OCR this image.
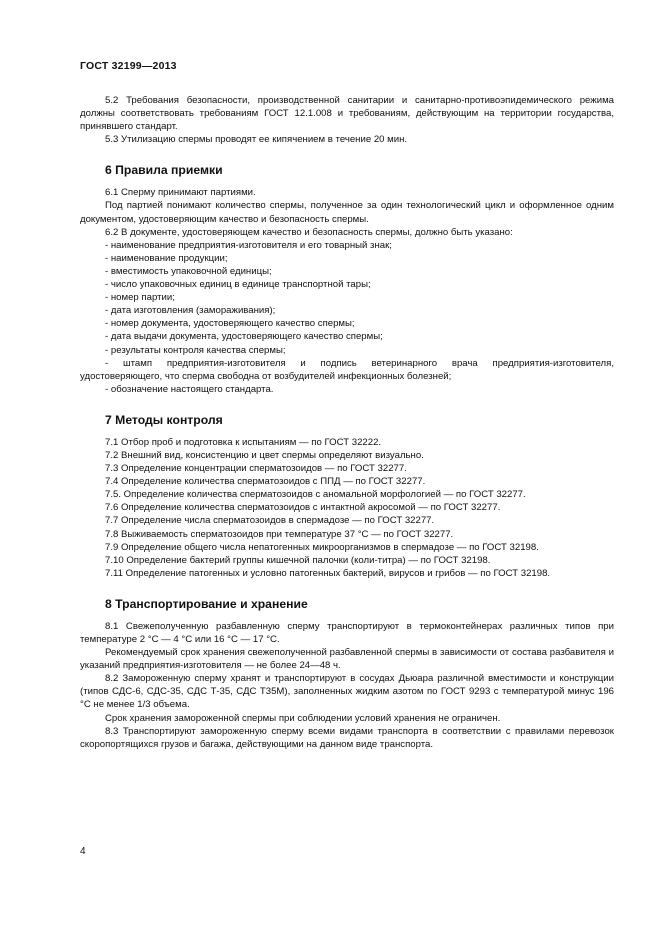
ГОСТ 32199—2013

5.2 Требования безопасности, производственной санитарии и санитарно-противоэпидемического режима должны соответствовать требованиям ГОСТ 12.1.008 и требованиям, действующим на территории государства, принявшего стандарт.

5.3 Утилизацию спермы проводят ее кипячением в течение 20 мин.

6 Правила приемки

6.1 Сперму принимают партиями.

Под партией понимают количество спермы, полученное за один технологический цикл и оформленное одним документом, удостоверяющим качество и безопасность спермы.

6.2 В документе, удостоверяющем качество и безопасность спермы, должно быть указано:

- наименование предприятия-изготовителя и его товарный знак;

- наименование продукции;

- вместимость упаковочной единицы;

- число упаковочных единиц в единице транспортной тары;

- номер партии;

- дата изготовления (замораживания);

- номер документа, удостоверяющего качество спермы;

- дата выдачи документа, удостоверяющего качество спермы;

- результаты контроля качества спермы;

- штамп предприятия-изготовителя и подпись ветеринарного врача предприятия-изготовителя, удостоверяющего, что сперма свободна от возбудителей инфекционных болезней;

- обозначение настоящего стандарта.

7 Методы контроля

7.1 Отбор проб и подготовка к испытаниям — по ГОСТ 32222.

7.2 Внешний вид, консистенцию и цвет спермы определяют визуально.

7.3 Определение концентрации сперматозоидов — по ГОСТ 32277.

7.4 Определение количества сперматозоидов с ППД — по ГОСТ 32277.

7.5. Определение количества сперматозоидов с аномальной морфологией — по ГОСТ 32277.

7.6 Определение количества сперматозоидов с интактной акросомой — по ГОСТ 32277.

7.7 Определение числа сперматозоидов в спермадозе — по ГОСТ 32277.

7.8 Выживаемость сперматозоидов при температуре 37 °С — по ГОСТ 32277.

7.9 Определение общего числа непатогенных микроорганизмов в спермадозе — по ГОСТ 32198.

7.10 Определение бактерий группы кишечной палочки (коли-титра) — по ГОСТ 32198.

7.11 Определение патогенных и условно патогенных бактерий, вирусов и грибов — по ГОСТ 32198.

8 Транспортирование и хранение

8.1 Свежеполученную разбавленную сперму транспортируют в термоконтейнерах различных типов при температуре 2 °С — 4 °С или 16 °С — 17 °С.

Рекомендуемый срок хранения свежеполученной разбавленной спермы в зависимости от состава разбавителя и указаний предприятия-изготовителя — не более 24—48 ч.

8.2 Замороженную сперму хранят и транспортируют в сосудах Дьюара различной вместимости и конструкции (типов СДС-6, СДС-35, СДС Т-35, СДС Т35М), заполненных жидким азотом по ГОСТ 9293 с температурой минус 196 °С не менее 1/3 объема.

Срок хранения замороженной спермы при соблюдении условий хранения не ограничен.

8.3 Транспортируют замороженную сперму всеми видами транспорта в соответствии с правилами перевозок скоропортящихся грузов и багажа, действующими на данном виде транспорта.

4
